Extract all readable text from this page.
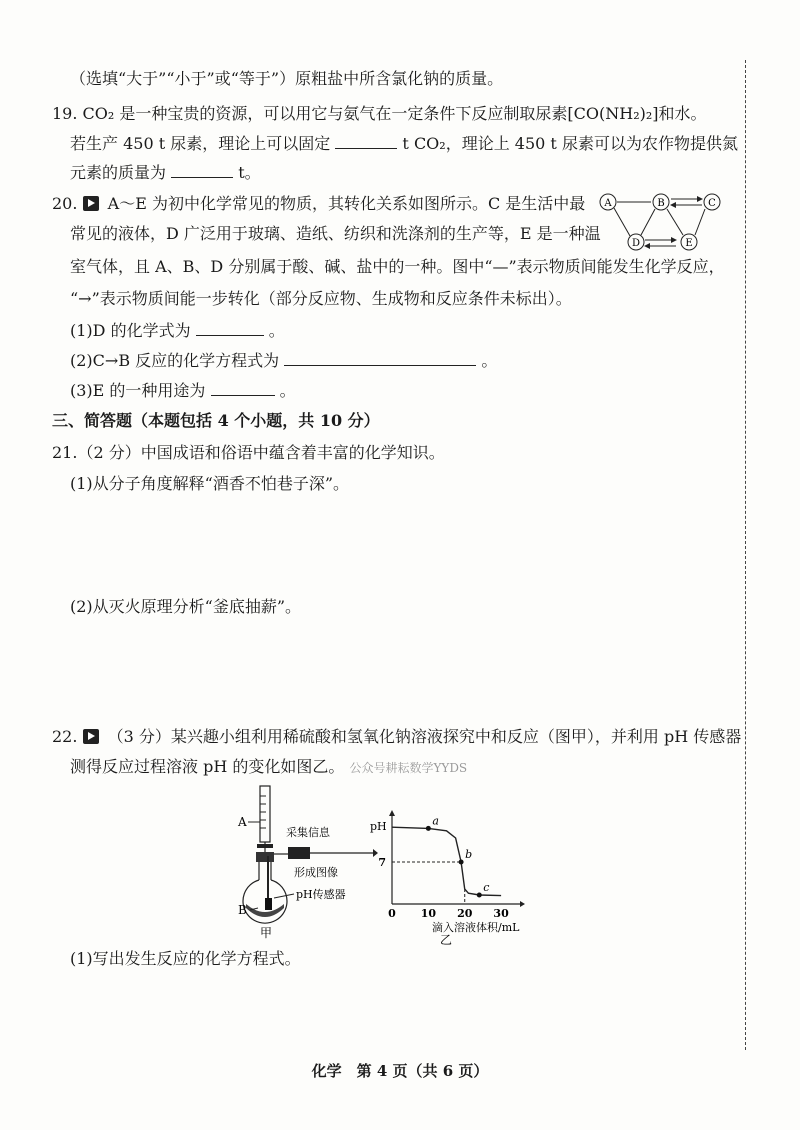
（选填“大于”“小于”或“等于”）原粗盐中所含氯化钠的质量。
19. CO₂ 是一种宝贵的资源，可以用它与氨气在一定条件下反应制取尿素[CO(NH₂)₂]和水。
若生产 450 t 尿素，理论上可以固定	t CO₂，理论上 450 t 尿素可以为农作物提供氮
元素的质量为	t。
20. A～E 为初中化学常见的物质，其转化关系如图所示。C 是生活中最
常见的液体，D 广泛用于玻璃、造纸、纺织和洗涤剂的生产等，E 是一种温
室气体，且 A、B、D 分别属于酸、碱、盐中的一种。图中“—”表示物质间能发生化学反应，
“→”表示物质间能一步转化（部分反应物、生成物和反应条件未标出）。
A	B	C
D	E
(1)D 的化学式为	。
(2)C→B 反应的化学方程式为	。
(3)E 的一种用途为	。
三、简答题（本题包括 4 个小题，共 10 分）
21.（2 分）中国成语和俗语中蕴含着丰富的化学知识。
(1)从分子角度解释“酒香不怕巷子深”。
(2)从灭火原理分析“釜底抽薪”。
22. （3 分）某兴趣小组利用稀硫酸和氢氧化钠溶液探究中和反应（图甲），并利用 pH 传感器
测得反应过程溶液 pH 的变化如图乙。 公众号耕耘数学YYDS
A
B
pH传感器
采集信息
形成图像
甲
pH
0 10 20 30
7
a
b
c
滴入溶液体积/mL
乙
(1)写出发生反应的化学方程式。
化学　第 4 页（共 6 页）
